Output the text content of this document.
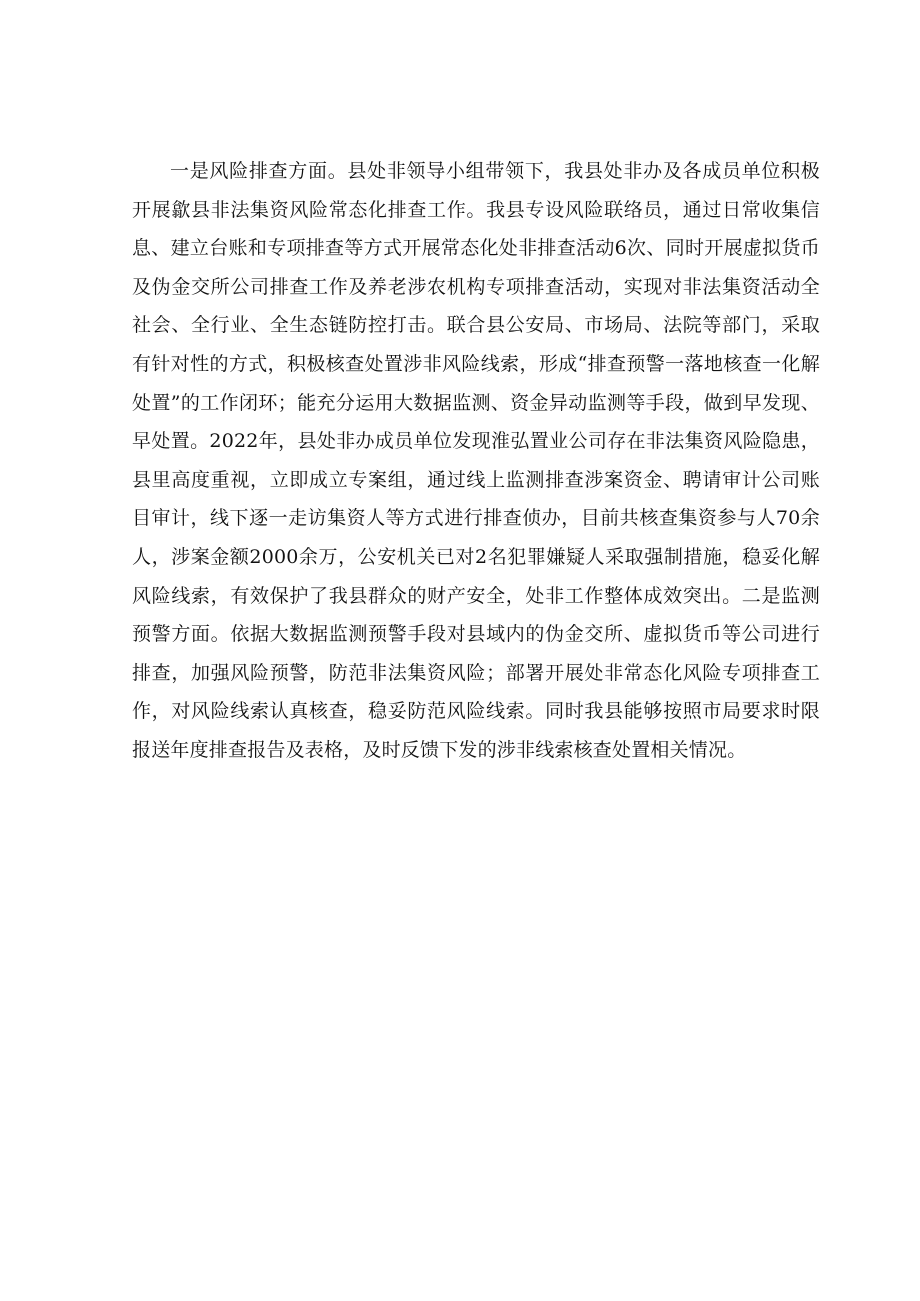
一是风险排查方面。县处非领导小组带领下，我县处非办及各成员单位积极开展歙县非法集资风险常态化排查工作。我县专设风险联络员，通过日常收集信息、建立台账和专项排查等方式开展常态化处非排查活动6次、同时开展虚拟货币及伪金交所公司排查工作及养老涉农机构专项排查活动，实现对非法集资活动全社会、全行业、全生态链防控打击。联合县公安局、市场局、法院等部门，采取有针对性的方式，积极核查处置涉非风险线索，形成“排查预警一落地核查一化解处置”的工作闭环；能充分运用大数据监测、资金异动监测等手段，做到早发现、早处置。2022年，县处非办成员单位发现淮弘置业公司存在非法集资风险隐患，县里高度重视，立即成立专案组，通过线上监测排查涉案资金、聘请审计公司账目审计，线下逐一走访集资人等方式进行排查侦办，目前共核查集资参与人70余人，涉案金额2000余万，公安机关已对2名犯罪嫌疑人采取强制措施，稳妥化解风险线索，有效保护了我县群众的财产安全，处非工作整体成效突出。二是监测预警方面。依据大数据监测预警手段对县域内的伪金交所、虚拟货币等公司进行排查，加强风险预警，防范非法集资风险；部署开展处非常态化风险专项排查工作，对风险线索认真核查，稳妥防范风险线索。同时我县能够按照市局要求时限报送年度排查报告及表格，及时反馈下发的涉非线索核查处置相关情况。
